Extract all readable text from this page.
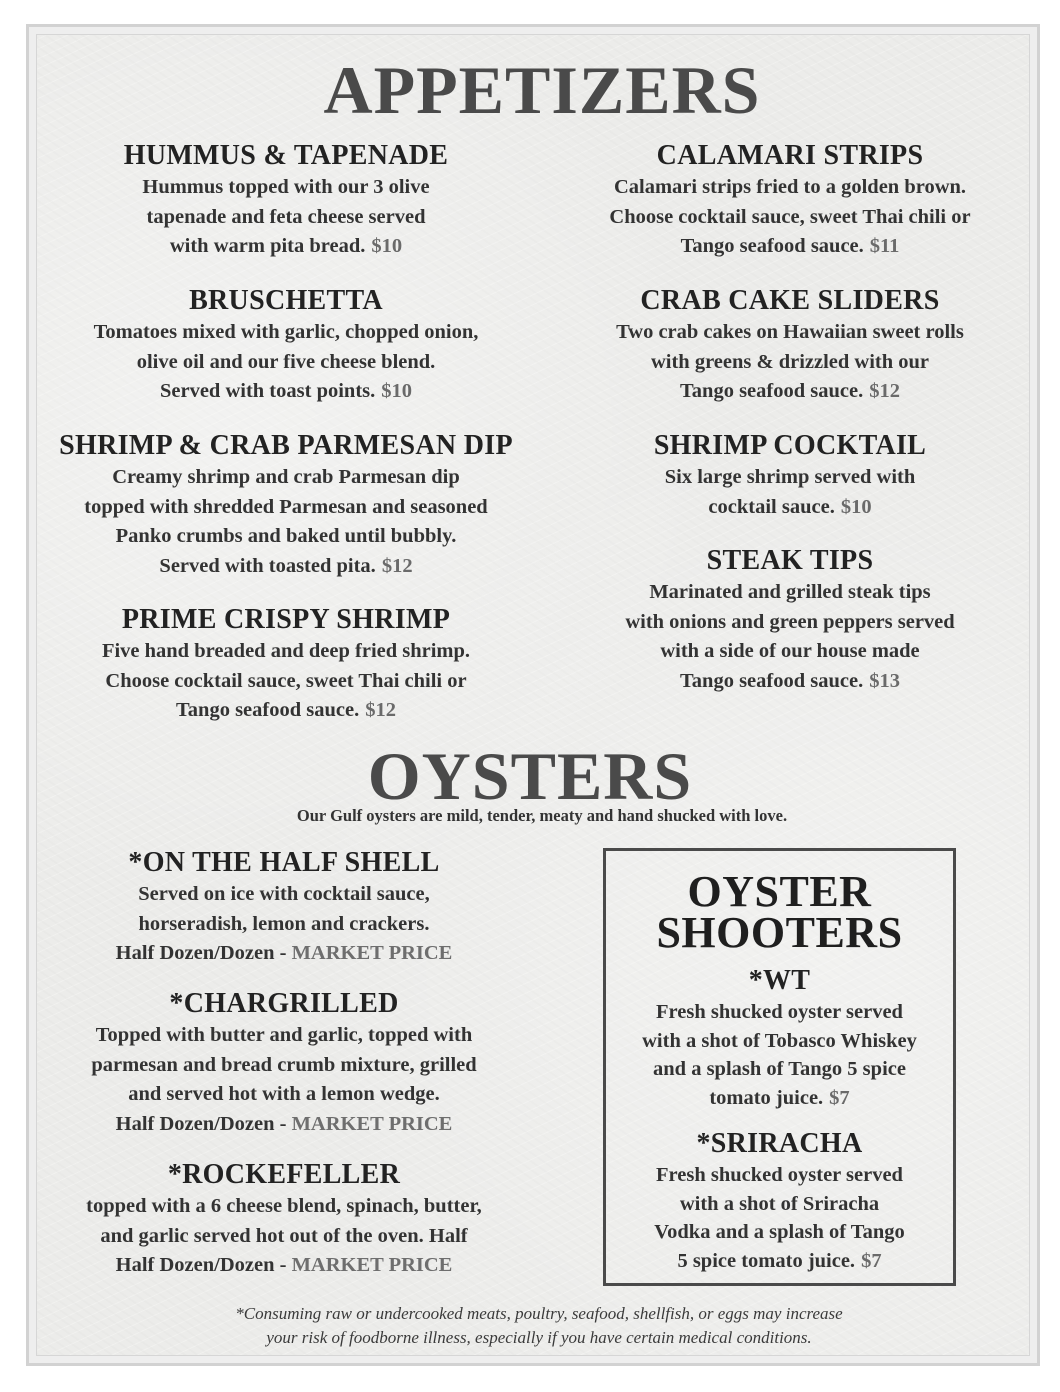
APPETIZERS
HUMMUS & TAPENADE
Hummus topped with our 3 olive
tapenade and feta cheese served
with warm pita bread. $10
BRUSCHETTA
Tomatoes mixed with garlic, chopped onion,
olive oil and our five cheese blend.
Served with toast points. $10
SHRIMP & CRAB PARMESAN DIP
Creamy shrimp and crab Parmesan dip
topped with shredded Parmesan and seasoned
Panko crumbs and baked until bubbly.
Served with toasted pita. $12
PRIME CRISPY SHRIMP
Five hand breaded and deep fried shrimp.
Choose cocktail sauce, sweet Thai chili or
Tango seafood sauce. $12
CALAMARI STRIPS
Calamari strips fried to a golden brown.
Choose cocktail sauce, sweet Thai chili or
Tango seafood sauce. $11
CRAB CAKE SLIDERS
Two crab cakes on Hawaiian sweet rolls
with greens & drizzled with our
Tango seafood sauce. $12
SHRIMP COCKTAIL
Six large shrimp served with
cocktail sauce. $10
STEAK TIPS
Marinated and grilled steak tips
with onions and green peppers served
with a side of our house made
Tango seafood sauce. $13
OYSTERS
Our Gulf oysters are mild, tender, meaty and hand shucked with love.
*ON THE HALF SHELL
Served on ice with cocktail sauce,
horseradish, lemon and crackers.
Half Dozen/Dozen - MARKET PRICE
*CHARGRILLED
Topped with butter and garlic, topped with
parmesan and bread crumb mixture, grilled
and served hot with a lemon wedge.
Half Dozen/Dozen - MARKET PRICE
*ROCKEFELLER
topped with a 6 cheese blend, spinach, butter,
and garlic served hot out of the oven. Half
Half Dozen/Dozen - MARKET PRICE
OYSTER
SHOOTERS
*WT
Fresh shucked oyster served
with a shot of Tobasco Whiskey
and a splash of Tango 5 spice
tomato juice. $7
*SRIRACHA
Fresh shucked oyster served
with a shot of Sriracha
Vodka and a splash of Tango
5 spice tomato juice. $7
*Consuming raw or undercooked meats, poultry, seafood, shellfish, or eggs may increase
your risk of foodborne illness, especially if you have certain medical conditions.
